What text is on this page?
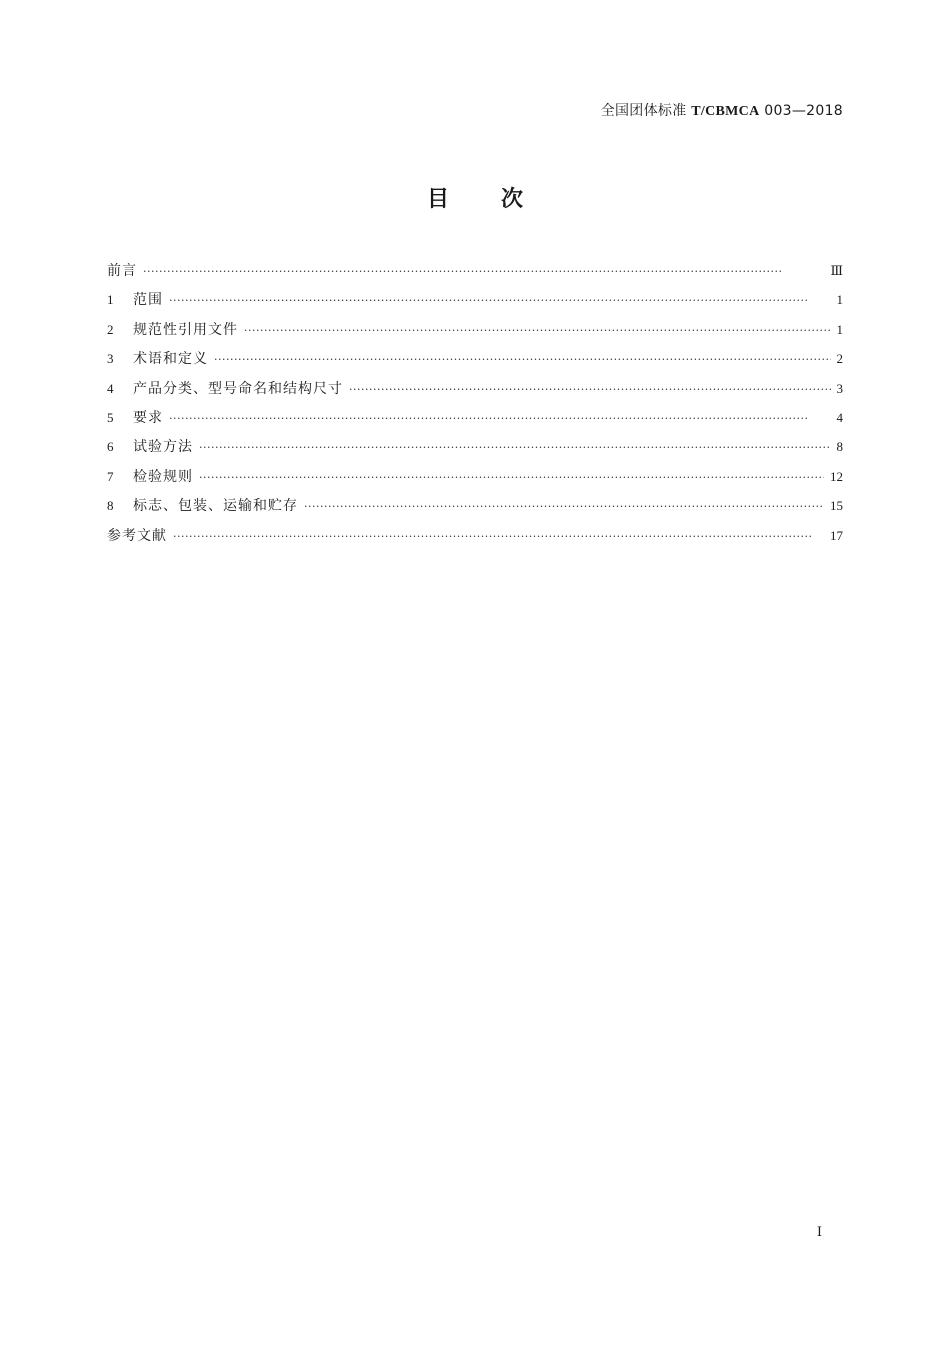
全国团体标准 T/CBMCA 003—2018
目次
前言 ·····	Ⅲ
1	范围 ·····	1
2	规范性引用文件 ·····	1
3	术语和定义 ·····	2
4	产品分类、型号命名和结构尺寸 ·····	3
5	要求 ·····	4
6	试验方法 ·····	8
7	检验规则 ·····	12
8	标志、包装、运输和贮存 ·····	15
参考文献 ·····	17
Ⅰ
